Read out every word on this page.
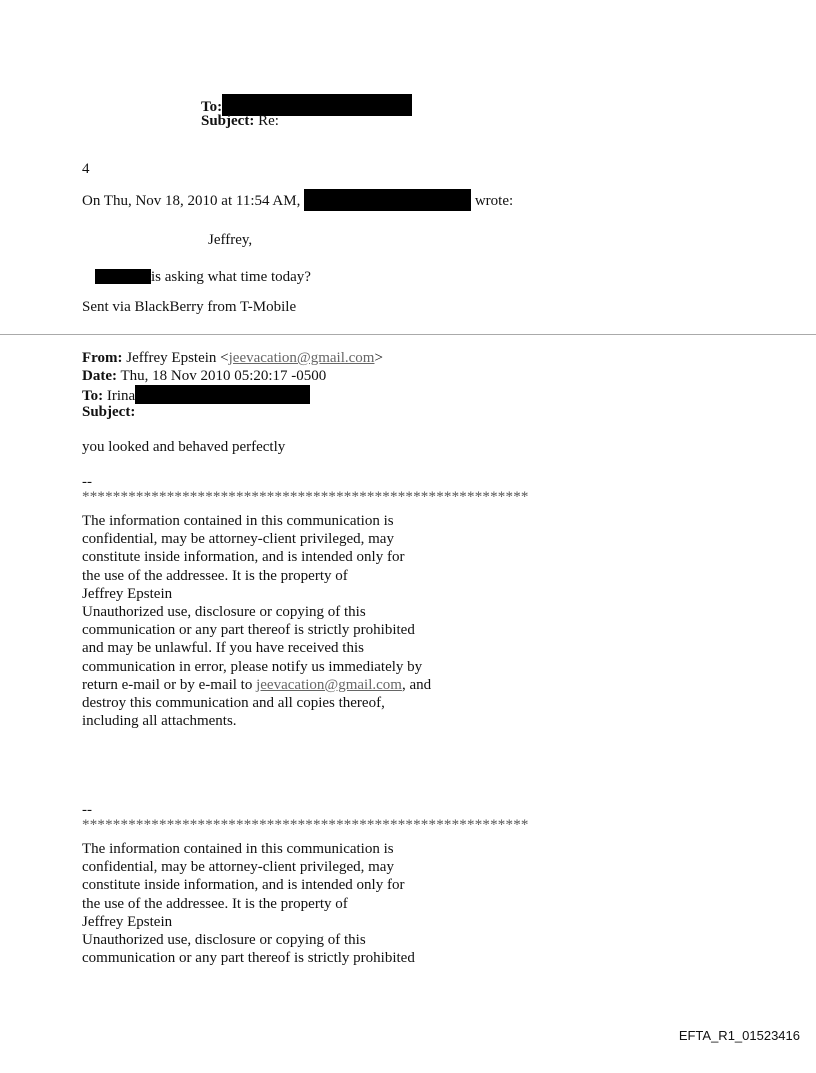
To:
Subject: Re:
4
On Thu, Nov 18, 2010 at 11:54 AM,	wrote:
Jeffrey,
is asking what time today?
Sent via BlackBerry from T-Mobile
From: Jeffrey Epstein <jeevacation@gmail.com>
Date: Thu, 18 Nov 2010 05:20:17 -0500
To: Irina
Subject:
you looked and behaved perfectly
--
**********************************************************
The information contained in this communication is
confidential, may be attorney-client privileged, may
constitute inside information, and is intended only for
the use of the addressee. It is the property of
Jeffrey Epstein
Unauthorized use, disclosure or copying of this
communication or any part thereof is strictly prohibited
and may be unlawful. If you have received this
communication in error, please notify us immediately by
return e-mail or by e-mail to jeevacation@gmail.com, and
destroy this communication and all copies thereof,
including all attachments.
--
**********************************************************
The information contained in this communication is
confidential, may be attorney-client privileged, may
constitute inside information, and is intended only for
the use of the addressee. It is the property of
Jeffrey Epstein
Unauthorized use, disclosure or copying of this
communication or any part thereof is strictly prohibited
EFTA_R1_01523416
